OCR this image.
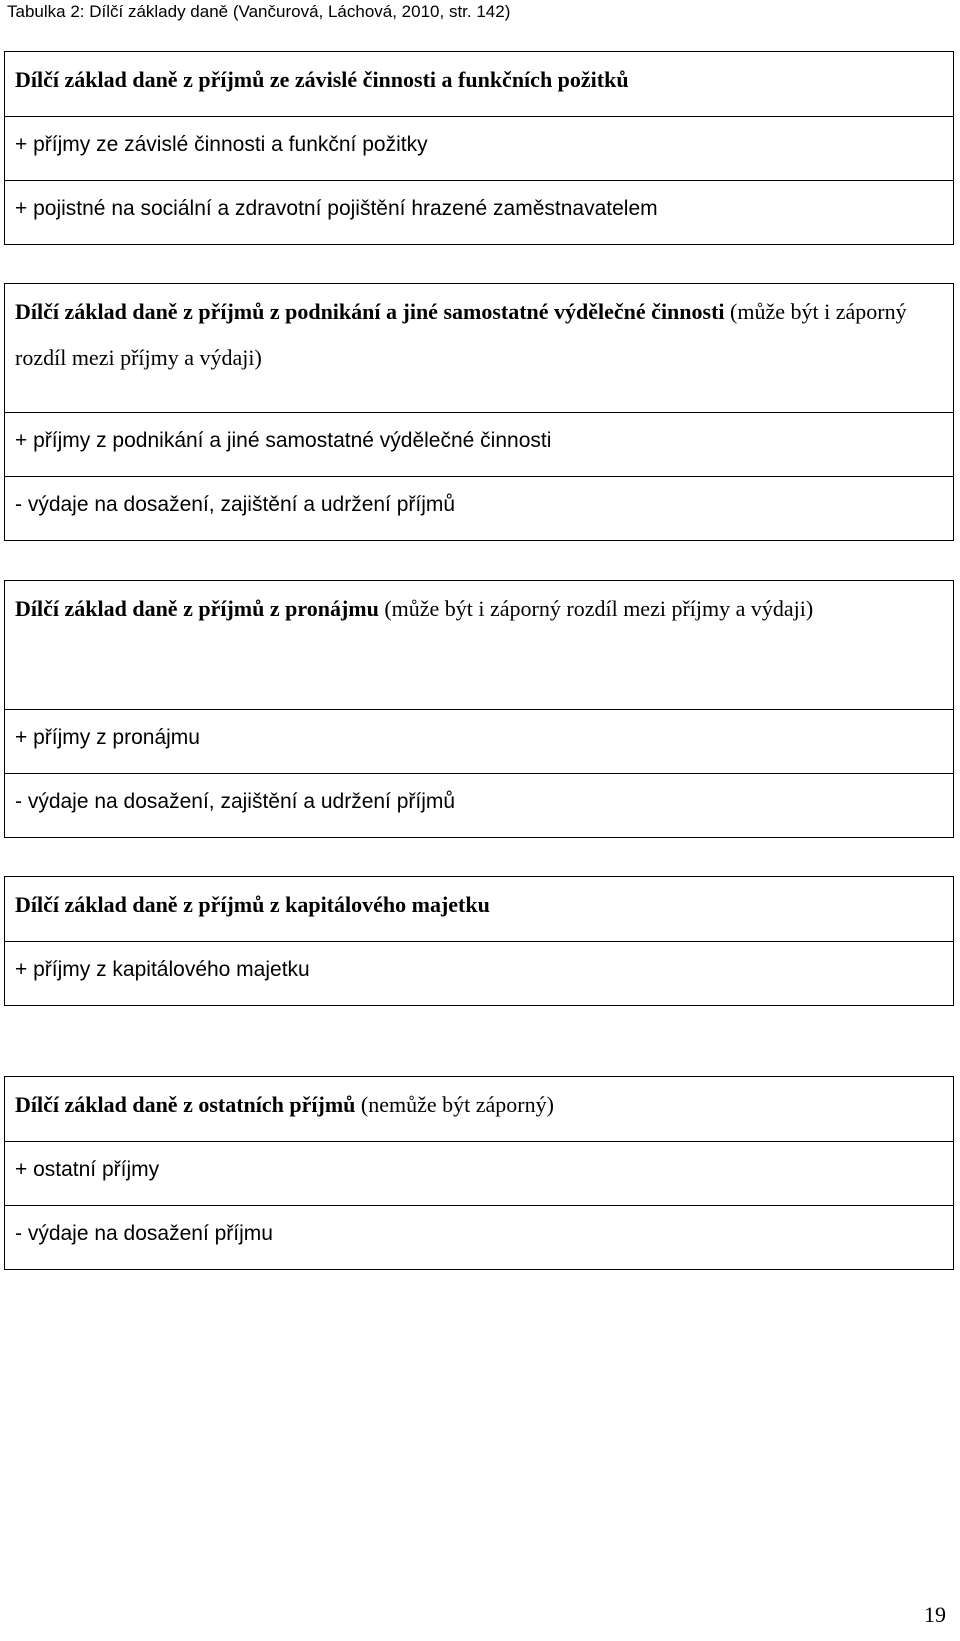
Tabulka 2: Dílčí základy daně (Vančurová, Láchová, 2010, str. 142)
Dílčí základ daně z příjmů ze závislé činnosti a funkčních požitků
+ příjmy ze závislé činnosti a funkční požitky
+ pojistné na sociální a zdravotní pojištění hrazené zaměstnavatelem
Dílčí základ daně z příjmů z podnikání a jiné samostatné výdělečné činnosti (může být i záporný rozdíl mezi příjmy a výdaji)
+ příjmy z podnikání a jiné samostatné výdělečné činnosti
- výdaje na dosažení, zajištění a udržení příjmů
Dílčí základ daně z příjmů z pronájmu (může být i záporný rozdíl mezi příjmy a výdaji)
+ příjmy z pronájmu
- výdaje na dosažení, zajištění a udržení příjmů
Dílčí základ daně z příjmů z kapitálového majetku
+ příjmy z kapitálového majetku
Dílčí základ daně z ostatních příjmů (nemůže být záporný)
+ ostatní příjmy
- výdaje na dosažení příjmu
19
